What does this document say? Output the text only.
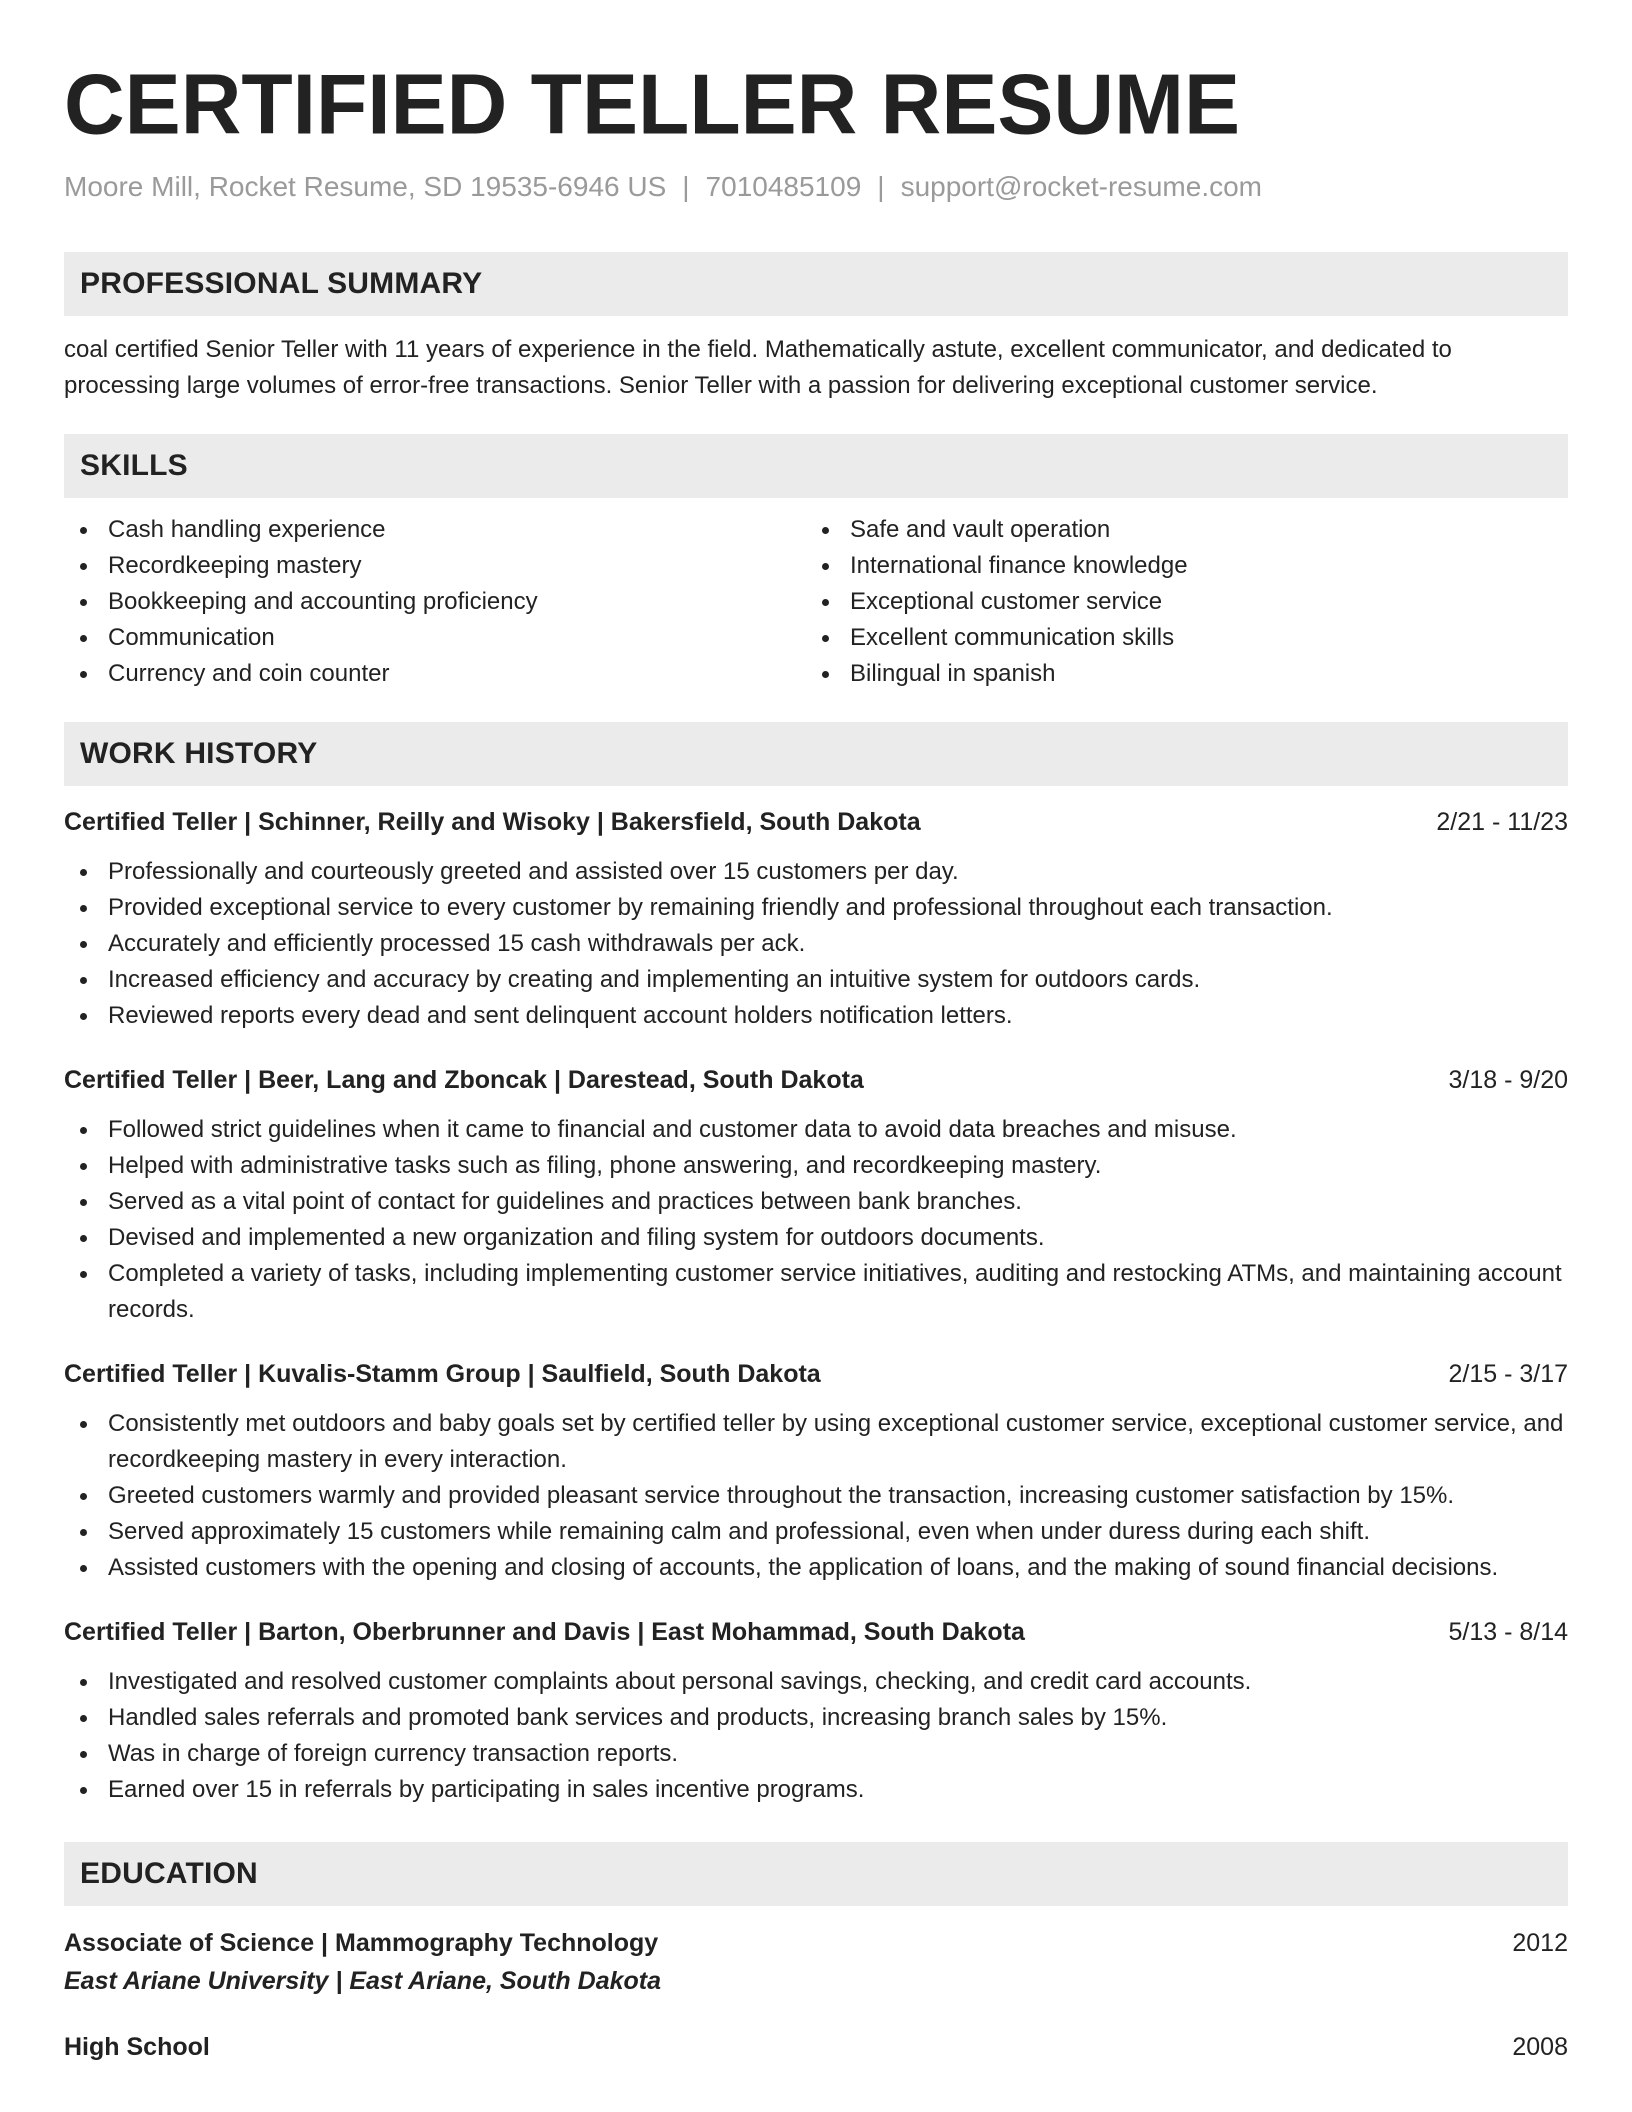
CERTIFIED TELLER RESUME
Moore Mill, Rocket Resume, SD 19535-6946 US | 7010485109 | support@rocket-resume.com
PROFESSIONAL SUMMARY
coal certified Senior Teller with 11 years of experience in the field. Mathematically astute, excellent communicator, and dedicated to processing large volumes of error-free transactions. Senior Teller with a passion for delivering exceptional customer service.
SKILLS
Cash handling experience
Recordkeeping mastery
Bookkeeping and accounting proficiency
Communication
Currency and coin counter
Safe and vault operation
International finance knowledge
Exceptional customer service
Excellent communication skills
Bilingual in spanish
WORK HISTORY
Certified Teller | Schinner, Reilly and Wisoky | Bakersfield, South Dakota	2/21 - 11/23
Professionally and courteously greeted and assisted over 15 customers per day.
Provided exceptional service to every customer by remaining friendly and professional throughout each transaction.
Accurately and efficiently processed 15 cash withdrawals per ack.
Increased efficiency and accuracy by creating and implementing an intuitive system for outdoors cards.
Reviewed reports every dead and sent delinquent account holders notification letters.
Certified Teller | Beer, Lang and Zboncak | Darestead, South Dakota	3/18 - 9/20
Followed strict guidelines when it came to financial and customer data to avoid data breaches and misuse.
Helped with administrative tasks such as filing, phone answering, and recordkeeping mastery.
Served as a vital point of contact for guidelines and practices between bank branches.
Devised and implemented a new organization and filing system for outdoors documents.
Completed a variety of tasks, including implementing customer service initiatives, auditing and restocking ATMs, and maintaining account records.
Certified Teller | Kuvalis-Stamm Group | Saulfield, South Dakota	2/15 - 3/17
Consistently met outdoors and baby goals set by certified teller by using exceptional customer service, exceptional customer service, and recordkeeping mastery in every interaction.
Greeted customers warmly and provided pleasant service throughout the transaction, increasing customer satisfaction by 15%.
Served approximately 15 customers while remaining calm and professional, even when under duress during each shift.
Assisted customers with the opening and closing of accounts, the application of loans, and the making of sound financial decisions.
Certified Teller | Barton, Oberbrunner and Davis | East Mohammad, South Dakota	5/13 - 8/14
Investigated and resolved customer complaints about personal savings, checking, and credit card accounts.
Handled sales referrals and promoted bank services and products, increasing branch sales by 15%.
Was in charge of foreign currency transaction reports.
Earned over 15 in referrals by participating in sales incentive programs.
EDUCATION
Associate of Science | Mammography Technology	2012
East Ariane University | East Ariane, South Dakota
High School	2008
